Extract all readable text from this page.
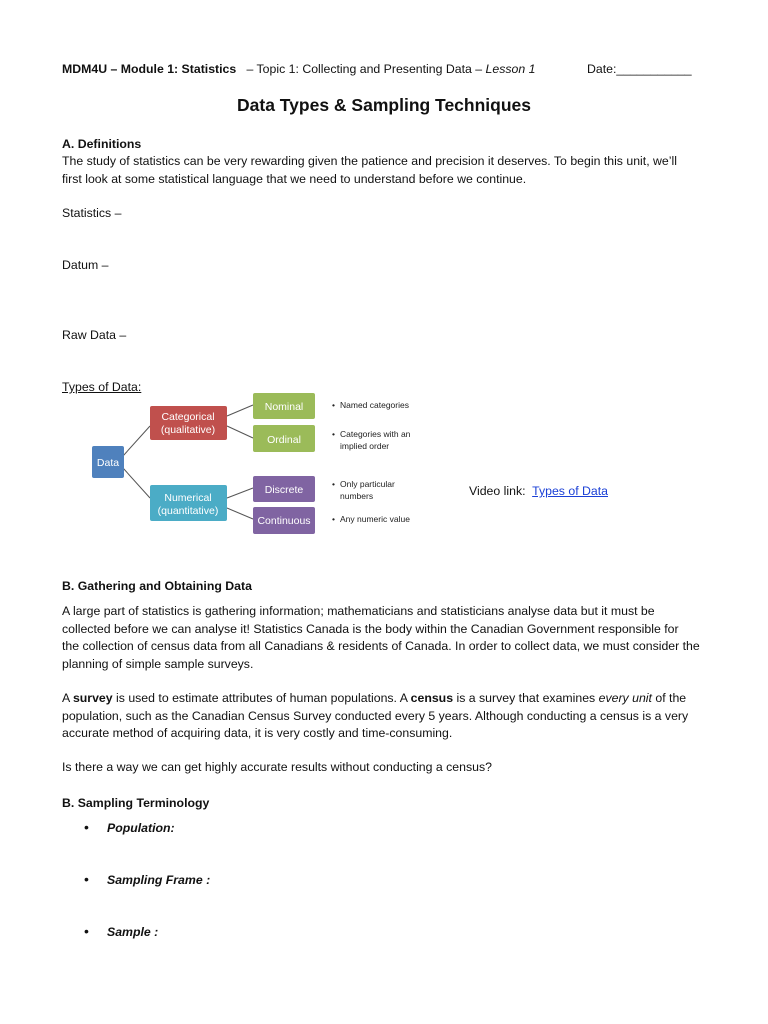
MDM4U – Module 1: Statistics – Topic 1: Collecting and Presenting Data – Lesson 1	Date:___________
Data Types & Sampling Techniques
A. Definitions
The study of statistics can be very rewarding given the patience and precision it deserves. To begin this unit, we’ll
first look at some statistical language that we need to understand before we continue.
Statistics –
Datum –
Raw Data –
Types of Data:
Data
Categorical
(qualitative)
Numerical
(quantitative)
Nominal
Ordinal
Discrete
Continuous
• Named categories
• Categories with an
implied order
• Only particular
numbers
• Any numeric value
Video link:  Types of Data
B. Gathering and Obtaining Data
A large part of statistics is gathering information; mathematicians and statisticians analyse data but it must be
collected before we can analyse it! Statistics Canada is the body within the Canadian Government responsible for
the collection of census data from all Canadians & residents of Canada. In order to collect data, we must consider the
planning of simple sample surveys.
A survey is used to estimate attributes of human populations. A census is a survey that examines every unit of the
population, such as the Canadian Census Survey conducted every 5 years. Although conducting a census is a very
accurate method of acquiring data, it is very costly and time-consuming.
Is there a way we can get highly accurate results without conducting a census?
B. Sampling Terminology
• Population:
• Sampling Frame :
• Sample :
